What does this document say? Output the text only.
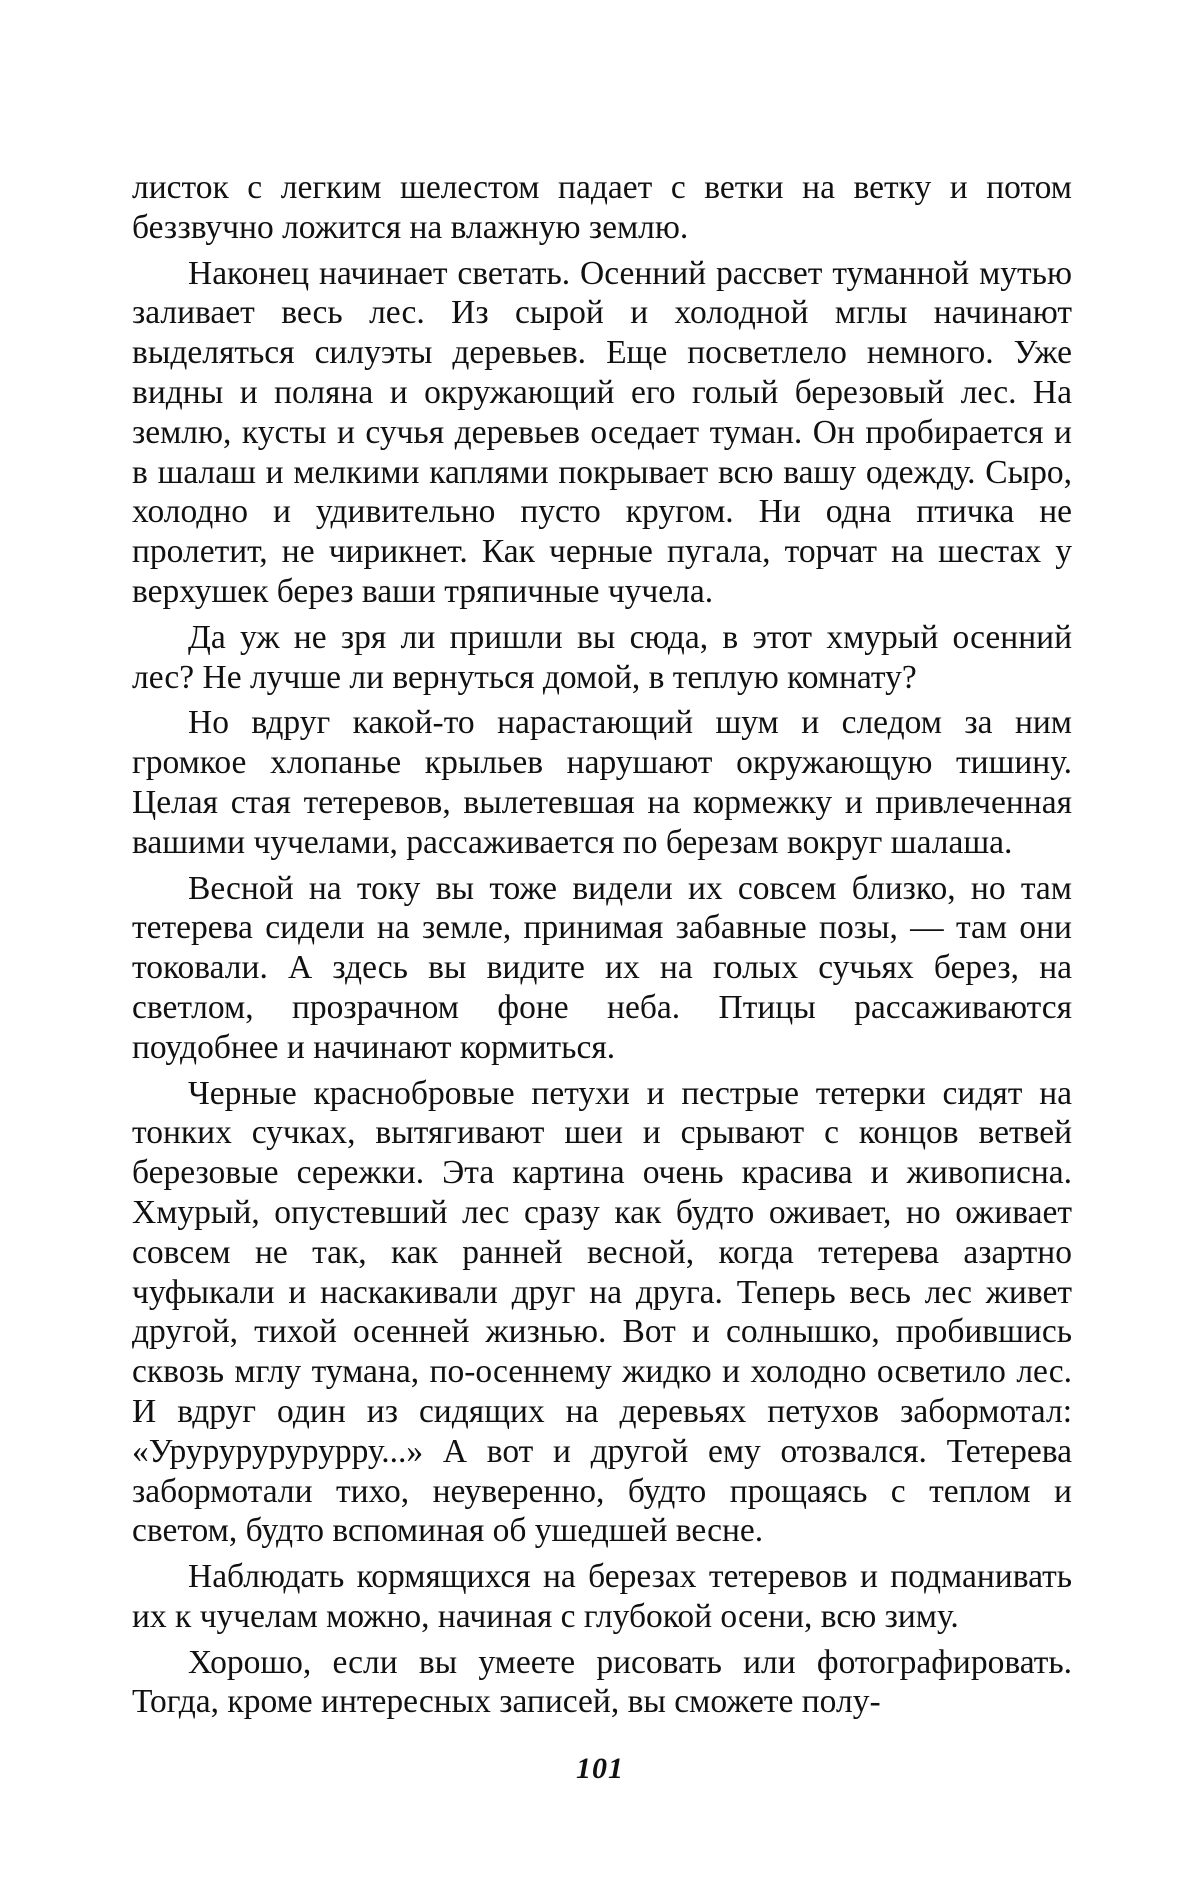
листок с легким шелестом падает с ветки на ветку и потом беззвучно ложится на влажную землю.

Наконец начинает светать. Осенний рассвет туманной мутью заливает весь лес. Из сырой и холодной мглы начинают выделяться силуэты деревьев. Еще посветлело немного. Уже видны и поляна и окружающий его голый березовый лес. На землю, кусты и сучья деревьев оседает туман. Он пробирается и в шалаш и мелкими каплями покрывает всю вашу одежду. Сыро, холодно и удивительно пусто кругом. Ни одна птичка не пролетит, не чирикнет. Как черные пугала, торчат на шестах у верхушек берез ваши тряпичные чучела.

Да уж не зря ли пришли вы сюда, в этот хмурый осенний лес? Не лучше ли вернуться домой, в теплую комнату?

Но вдруг какой-то нарастающий шум и следом за ним громкое хлопанье крыльев нарушают окружающую тишину. Целая стая тетеревов, вылетевшая на кормежку и привлеченная вашими чучелами, рассаживается по березам вокруг шалаша.

Весной на току вы тоже видели их совсем близко, но там тетерева сидели на земле, принимая забавные позы, — там они токовали. А здесь вы видите их на голых сучьях берез, на светлом, прозрачном фоне неба. Птицы рассаживаются поудобнее и начинают кормиться.

Черные краснобровые петухи и пестрые тетерки сидят на тонких сучках, вытягивают шеи и срывают с концов ветвей березовые сережки. Эта картина очень красива и живописна. Хмурый, опустевший лес сразу как будто оживает, но оживает совсем не так, как ранней весной, когда тетерева азартно чуфыкали и наскакивали друг на друга. Теперь весь лес живет другой, тихой осенней жизнью. Вот и солнышко, пробившись сквозь мглу тумана, по-осеннему жидко и холодно осветило лес. И вдруг один из сидящих на деревьях петухов забормотал: «Урурурурурурру...» А вот и другой ему отозвался. Тетерева забормотали тихо, неуверенно, будто прощаясь с теплом и светом, будто вспоминая об ушедшей весне.

Наблюдать кормящихся на березах тетеревов и подманивать их к чучелам можно, начиная с глубокой осени, всю зиму.

Хорошо, если вы умеете рисовать или фотографировать. Тогда, кроме интересных записей, вы сможете полу-

101
